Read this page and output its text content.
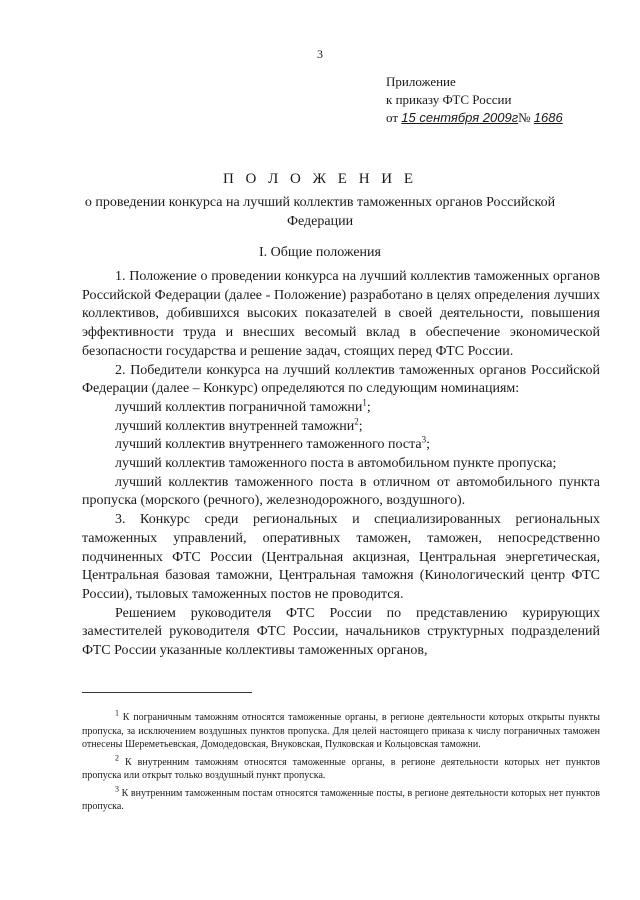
3
Приложение
к приказу ФТС России
от 15 сентября 2009г№ 1686
П О Л О Ж Е Н И Е
о проведении конкурса на лучший коллектив таможенных органов Российской Федерации
I. Общие положения

1. Положение о проведении конкурса на лучший коллектив таможенных органов Российской Федерации (далее - Положение) разработано в целях определения лучших коллективов, добившихся высоких показателей в своей деятельности, повышения эффективности труда и внесших весомый вклад в обеспечение экономической безопасности государства и решение задач, стоящих перед ФТС России.

2. Победители конкурса на лучший коллектив таможенных органов Российской Федерации (далее – Конкурс) определяются по следующим номинациям:

лучший коллектив пограничной таможни$^1$;

лучший коллектив внутренней таможни$^2$;

лучший коллектив внутреннего таможенного поста$^3$;

лучший коллектив таможенного поста в автомобильном пункте пропуска;

лучший коллектив таможенного поста в отличном от автомобильного пункта пропуска (морского (речного), железнодорожного, воздушного).

3. Конкурс среди региональных и специализированных региональных таможенных управлений, оперативных таможен, таможен, непосредственно подчиненных ФТС России (Центральная акцизная, Центральная энергетическая, Центральная базовая таможни, Центральная таможня (Кинологический центр ФТС России), тыловых таможенных постов не проводится.

Решением руководителя ФТС России по представлению курирующих заместителей руководителя ФТС России, начальников структурных подразделений ФТС России указанные коллективы таможенных органов,

$^1$ К пограничным таможням относятся таможенные органы, в регионе деятельности которых открыты пункты пропуска, за исключением воздушных пунктов пропуска. Для целей настоящего приказа к числу пограничных таможен отнесены Шереметьевская, Домодедовская, Внуковская, Пулковская и Кольцовская таможни.

$^2$ К внутренним таможням относятся таможенные органы, в регионе деятельности которых нет пунктов пропуска или открыт только воздушный пункт пропуска.

$^3$ К внутренним таможенным постам относятся таможенные посты, в регионе деятельности которых нет пунктов пропуска.
